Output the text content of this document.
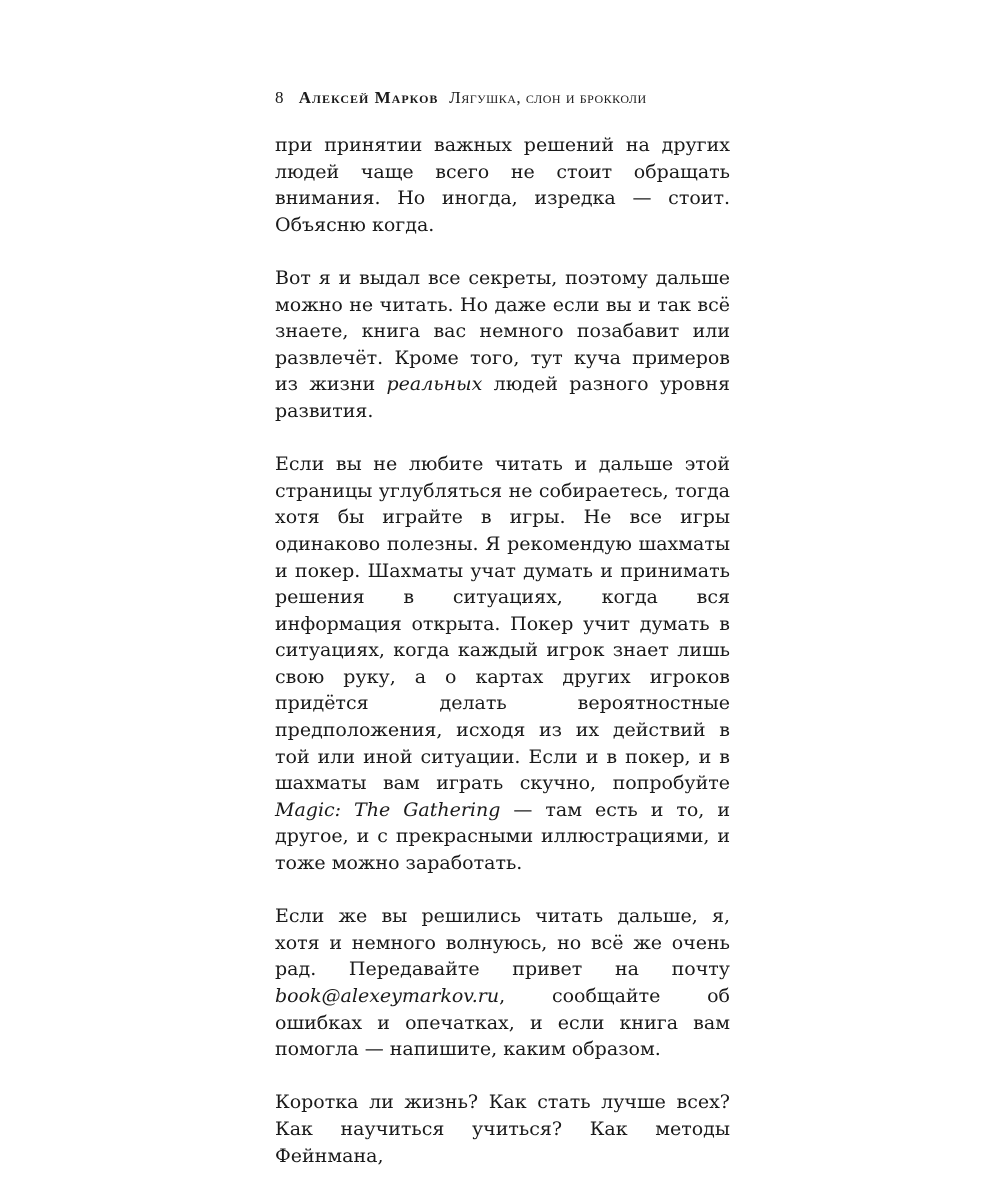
8 Алексей Марков Лягушка, слон и брокколи

при принятии важных решений на других людей чаще всего не стоит обращать внимания. Но иногда, изредка — стоит. Объясню когда.

Вот я и выдал все секреты, поэтому дальше можно не читать. Но даже если вы и так всё знаете, книга вас немного позабавит или развлечёт. Кроме того, тут куча примеров из жизни реальных людей разного уровня развития.

Если вы не любите читать и дальше этой страницы углубляться не собираетесь, тогда хотя бы играйте в игры. Не все игры одинаково полезны. Я рекомендую шахматы и покер. Шахматы учат думать и принимать решения в ситуациях, когда вся информация открыта. Покер учит думать в ситуациях, когда каждый игрок знает лишь свою руку, а о картах других игроков придётся делать вероятностные предположения, исходя из их действий в той или иной ситуации. Если и в покер, и в шахматы вам играть скучно, попробуйте Magic: The Gathering — там есть и то, и другое, и с прекрасными иллюстрациями, и тоже можно заработать.

Если же вы решились читать дальше, я, хотя и немного волнуюсь, но всё же очень рад. Передавайте привет на почту book@alexeymarkov.ru, сообщайте об ошибках и опечатках, и если книга вам помогла — напишите, каким образом.

Коротка ли жизнь? Как стать лучше всех? Как научиться учиться? Как методы Фейнмана,
